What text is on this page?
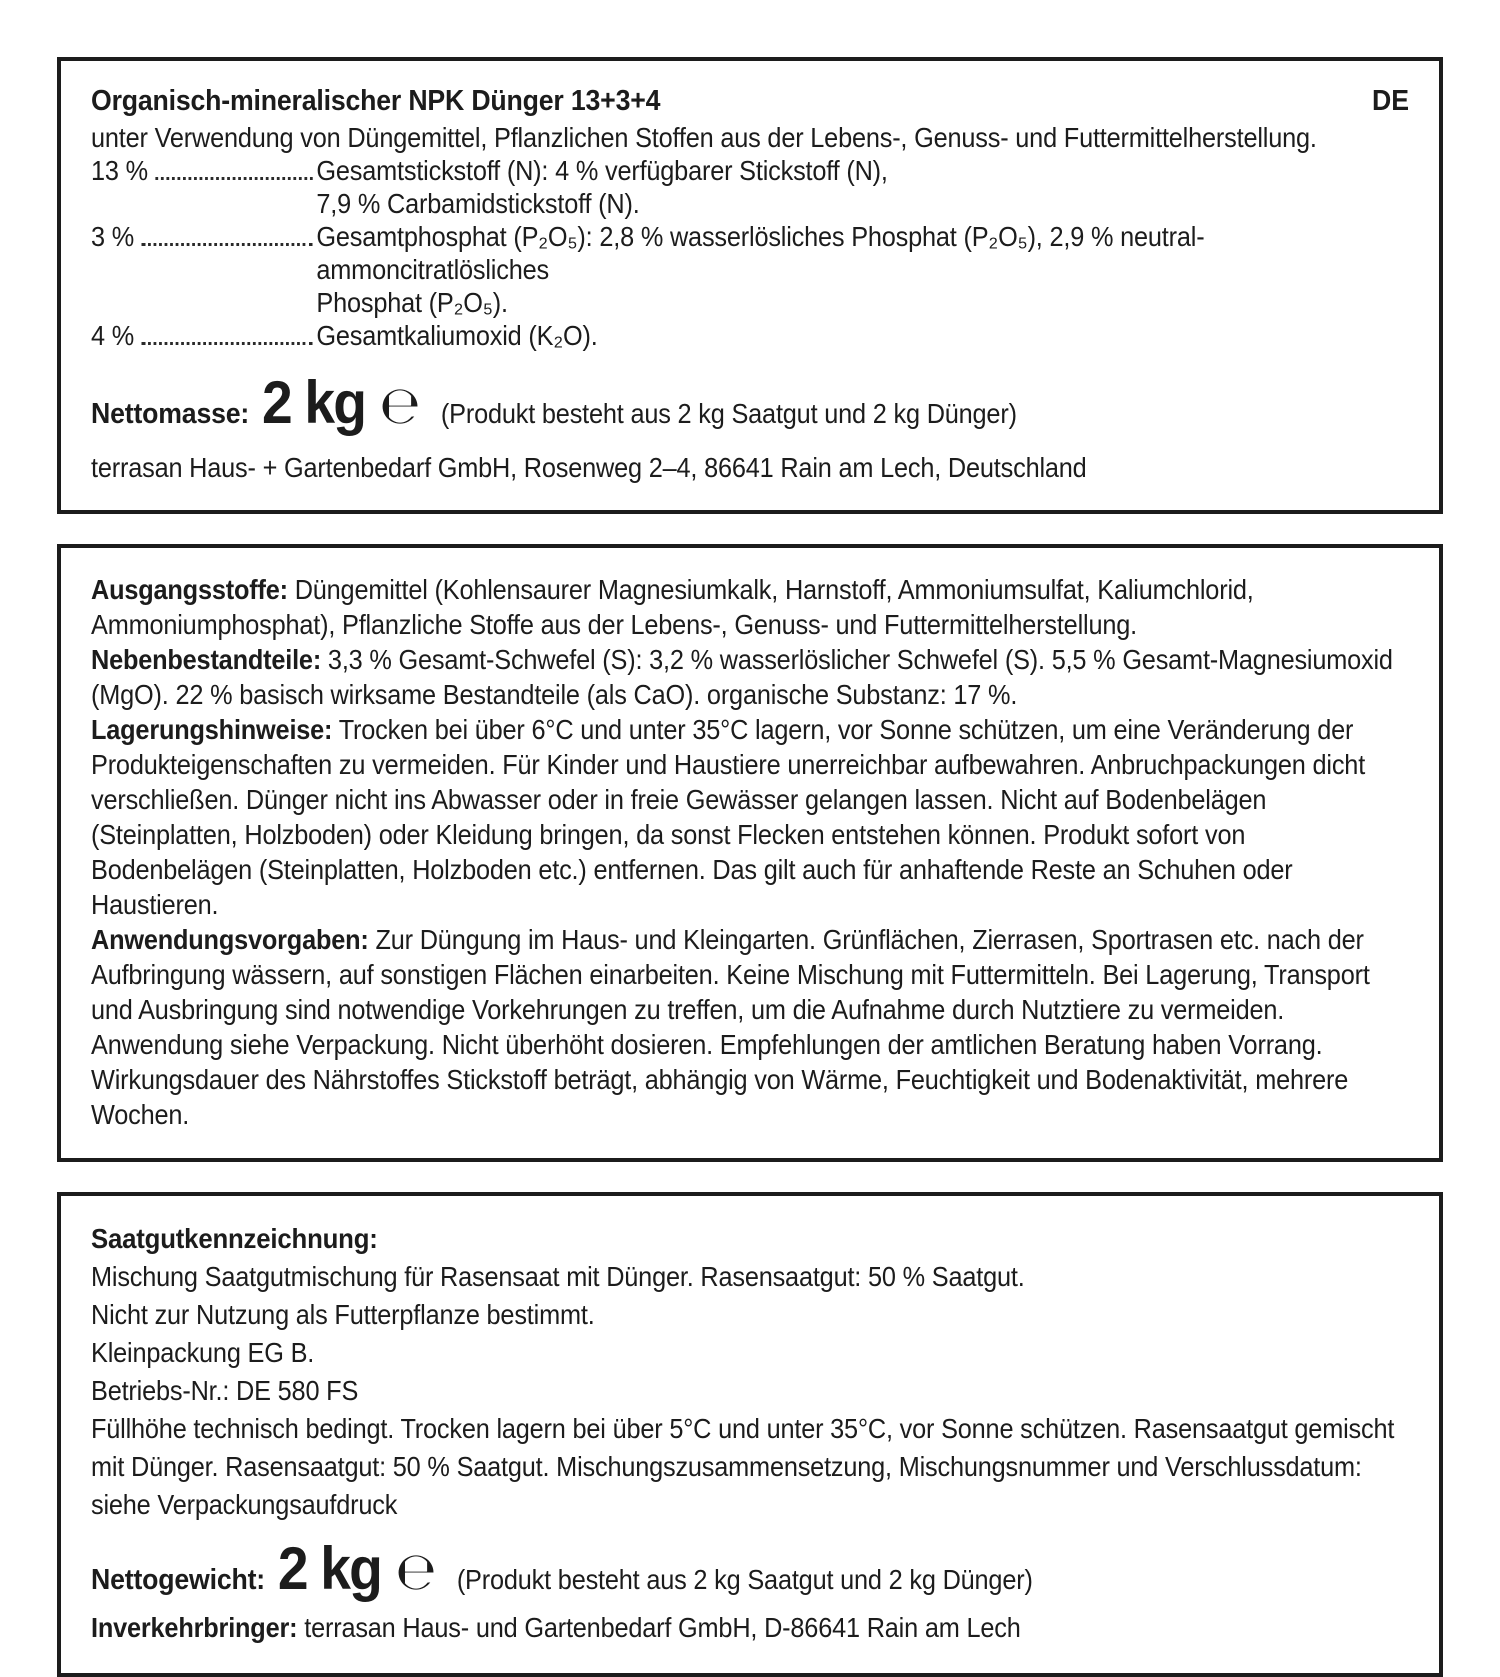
Organisch-mineralischer NPK Dünger 13+3+4	DE

unter Verwendung von Düngemittel, Pflanzlichen Stoffen aus der Lebens-, Genuss- und Futtermittelherstellung.

13 %	Gesamtstickstoff (N): 4 % verfügbarer Stickstoff (N),
7,9 % Carbamidstickstoff (N).
3 %	Gesamtphosphat (P₂O₅): 2,8 % wasserlösliches Phosphat (P₂O₅), 2,9 % neutral-ammoncitratlösliches
Phosphat (P₂O₅).
4 %	Gesamtkaliumoxid (K₂O).
Nettomasse: 2 kg ℮ (Produkt besteht aus 2 kg Saatgut und 2 kg Dünger)

terrasan Haus- + Gartenbedarf GmbH, Rosenweg 2–4, 86641 Rain am Lech, Deutschland

Ausgangsstoffe: Düngemittel (Kohlensaurer Magnesiumkalk, Harnstoff, Ammoniumsulfat, Kaliumchlorid, Ammoniumphosphat), Pflanzliche Stoffe aus der Lebens-, Genuss- und Futtermittelherstellung.

Nebenbestandteile: 3,3 % Gesamt-Schwefel (S): 3,2 % wasserlöslicher Schwefel (S). 5,5 % Gesamt-Magnesiumoxid (MgO). 22 % basisch wirksame Bestandteile (als CaO). organische Substanz: 17 %.

Lagerungshinweise: Trocken bei über 6°C und unter 35°C lagern, vor Sonne schützen, um eine Veränderung der Produkteigenschaften zu vermeiden. Für Kinder und Haustiere unerreichbar aufbewahren. Anbruchpackungen dicht verschließen. Dünger nicht ins Abwasser oder in freie Gewässer gelangen lassen. Nicht auf Bodenbelägen (Steinplatten, Holzboden) oder Kleidung bringen, da sonst Flecken entstehen können. Produkt sofort von Bodenbelägen (Steinplatten, Holzboden etc.) entfernen. Das gilt auch für anhaftende Reste an Schuhen oder Haustieren.

Anwendungsvorgaben: Zur Düngung im Haus- und Kleingarten. Grünflächen, Zierrasen, Sportrasen etc. nach der Aufbringung wässern, auf sonstigen Flächen einarbeiten. Keine Mischung mit Futtermitteln. Bei Lagerung, Transport und Ausbringung sind notwendige Vorkehrungen zu treffen, um die Aufnahme durch Nutztiere zu vermeiden. Anwendung siehe Verpackung. Nicht überhöht dosieren. Empfehlungen der amtlichen Beratung haben Vorrang. Wirkungsdauer des Nährstoffes Stickstoff beträgt, abhängig von Wärme, Feuchtigkeit und Bodenaktivität, mehrere Wochen.

Saatgutkennzeichnung:

Mischung Saatgutmischung für Rasensaat mit Dünger. Rasensaatgut: 50 % Saatgut.

Nicht zur Nutzung als Futterpflanze bestimmt.

Kleinpackung EG B.

Betriebs-Nr.: DE 580 FS

Füllhöhe technisch bedingt. Trocken lagern bei über 5°C und unter 35°C, vor Sonne schützen. Rasensaatgut gemischt mit Dünger. Rasensaatgut: 50 % Saatgut. Mischungszusammensetzung, Mischungsnummer und Verschlussdatum: siehe Verpackungsaufdruck

Nettogewicht: 2 kg ℮ (Produkt besteht aus 2 kg Saatgut und 2 kg Dünger)

Inverkehrbringer: terrasan Haus- und Gartenbedarf GmbH, D-86641 Rain am Lech
